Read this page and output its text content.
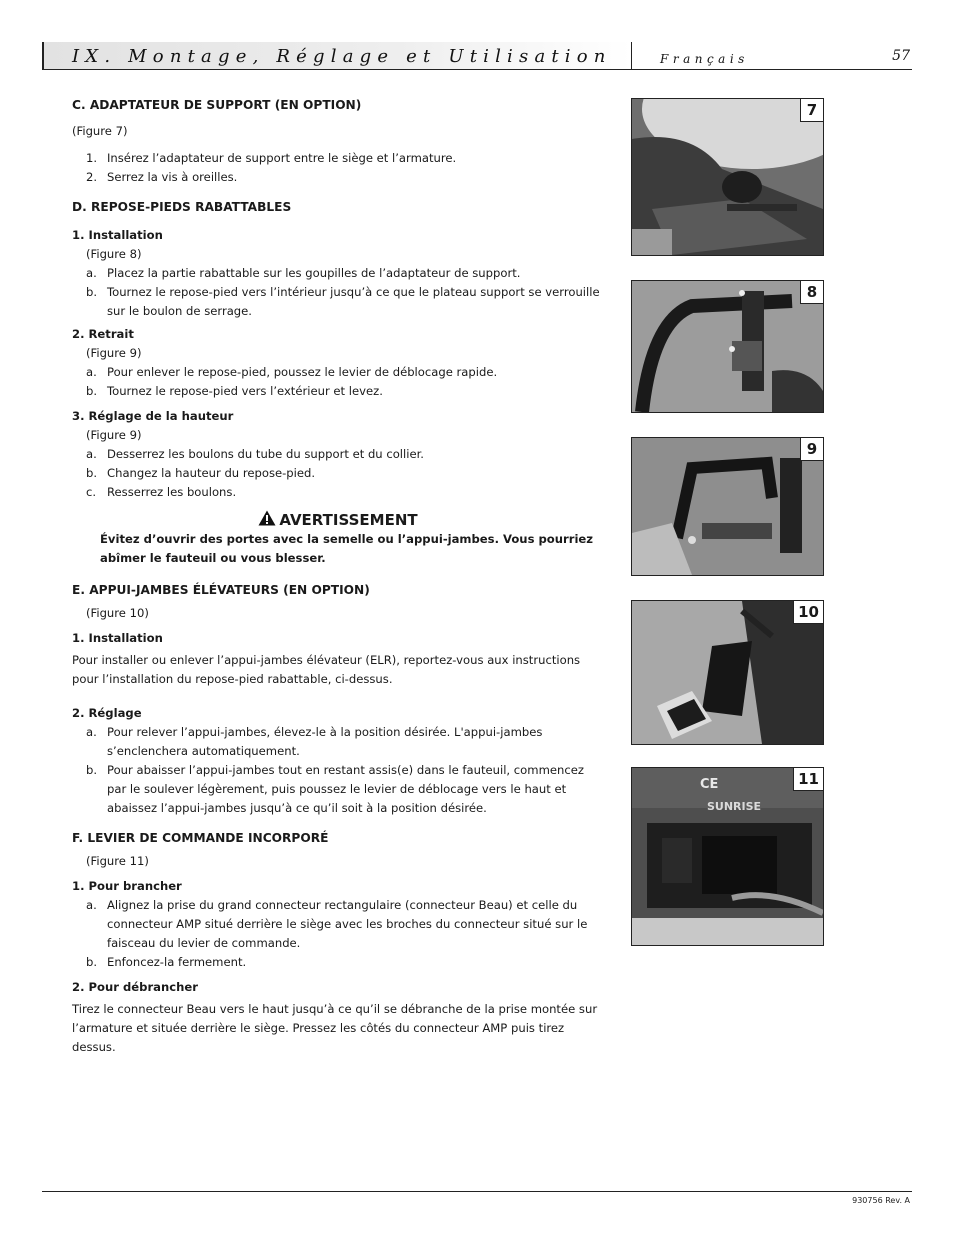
IX. Montage, Réglage et Utilisation	Français	57

C. ADAPTATEUR DE SUPPORT (EN OPTION)

(Figure 7)

1. Insérez l’adaptateur de support entre le siège et l’armature.
2. Serrez la vis à oreilles.

D. REPOSE-PIEDS RABATTABLES

1. Installation

(Figure 8)

a. Placez la partie rabattable sur les goupilles de l’adaptateur de support.
b. Tournez le repose-pied vers l’intérieur jusqu’à ce que le plateau support se verrouille sur le boulon de serrage.

2. Retrait

(Figure 9)

a. Pour enlever le repose-pied, poussez le levier de déblocage rapide.
b. Tournez le repose-pied vers l’extérieur et levez.

3. Réglage de la hauteur

(Figure 9)

a. Desserrez les boulons du tube du support et du collier.
b. Changez la hauteur du repose-pied.
c. Resserrez les boulons.
AVERTISSEMENT

Évitez d’ouvrir des portes avec la semelle ou l’appui-jambes. Vous pourriez abîmer le fauteuil ou vous blesser.

E. APPUI-JAMBES ÉLÉVATEURS (EN OPTION)

(Figure 10)

1. Installation

Pour installer ou enlever l’appui-jambes élévateur (ELR), reportez-vous aux instructions pour l’installation du repose-pied rabattable, ci-dessus.

2. Réglage

a. Pour relever l’appui-jambes, élevez-le à la position désirée. L'appui-jambes s’enclenchera automatiquement.
b. Pour abaisser l’appui-jambes tout en restant assis(e) dans le fauteuil, commencez par le soulever légèrement, puis poussez le levier de déblocage vers le haut et abaissez l’appui-jambes jusqu’à ce qu’il soit à la position désirée.

F. LEVIER DE COMMANDE INCORPORÉ

(Figure 11)

1. Pour brancher

a. Alignez la prise du grand connecteur rectangulaire (connecteur Beau) et celle du connecteur AMP situé derrière le siège avec les broches du connecteur situé sur le faisceau du levier de commande.
b. Enfoncez-la fermement.

2. Pour débrancher

Tirez le connecteur Beau vers le haut jusqu’à ce qu’il se débranche de la prise montée sur l’armature et située derrière le siège. Pressez les côtés du connecteur AMP puis tirez dessus.

7
8
9
10
CE
SUNRISE
11
930756 Rev. A
